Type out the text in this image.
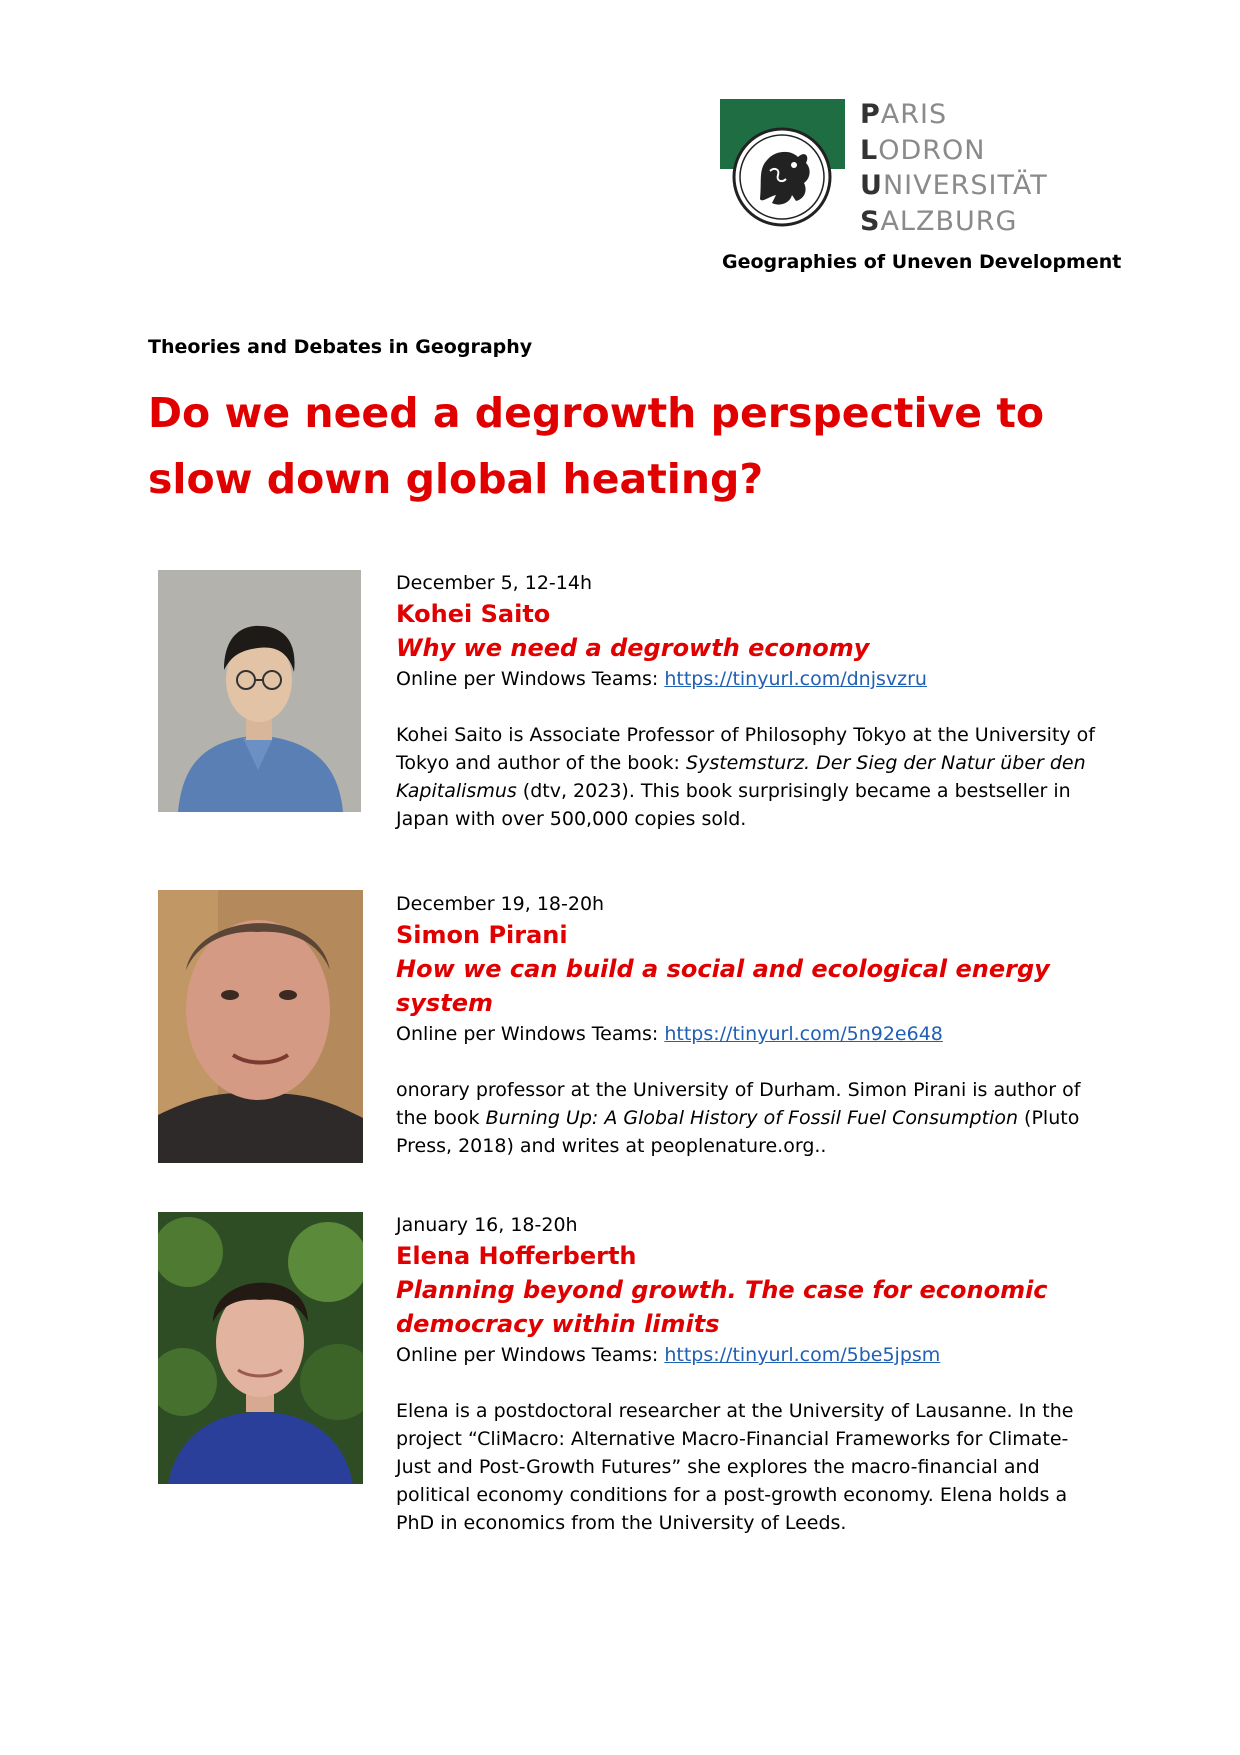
PARIS
LODRON
UNIVERSITÄT
SALZBURG
Geographies of Uneven Development
Theories and Debates in Geography
Do we need a degrowth perspective to slow down global heating?
December 5, 12-14h
Kohei Saito
Why we need a degrowth economy
Online per Windows Teams: https://tinyurl.com/dnjsvzru
Kohei Saito is Associate Professor of Philosophy Tokyo at the University of Tokyo and author of the book: Systemsturz. Der Sieg der Natur über den Kapitalismus (dtv, 2023). This book surprisingly became a bestseller in Japan with over 500,000 copies sold.
December 19, 18-20h
Simon Pirani
How we can build a social and ecological energy system
Online per Windows Teams: https://tinyurl.com/5n92e648
onorary professor at the University of Durham. Simon Pirani is author of the book Burning Up: A Global History of Fossil Fuel Consumption (Pluto Press, 2018) and writes at peoplenature.org..
January 16, 18-20h
Elena Hofferberth
Planning beyond growth. The case for economic democracy within limits
Online per Windows Teams: https://tinyurl.com/5be5jpsm
Elena is a postdoctoral researcher at the University of Lausanne. In the project “CliMacro: Alternative Macro-Financial Frameworks for Climate-Just and Post-Growth Futures” she explores the macro-financial and political economy conditions for a post-growth economy. Elena holds a PhD in economics from the University of Leeds.
